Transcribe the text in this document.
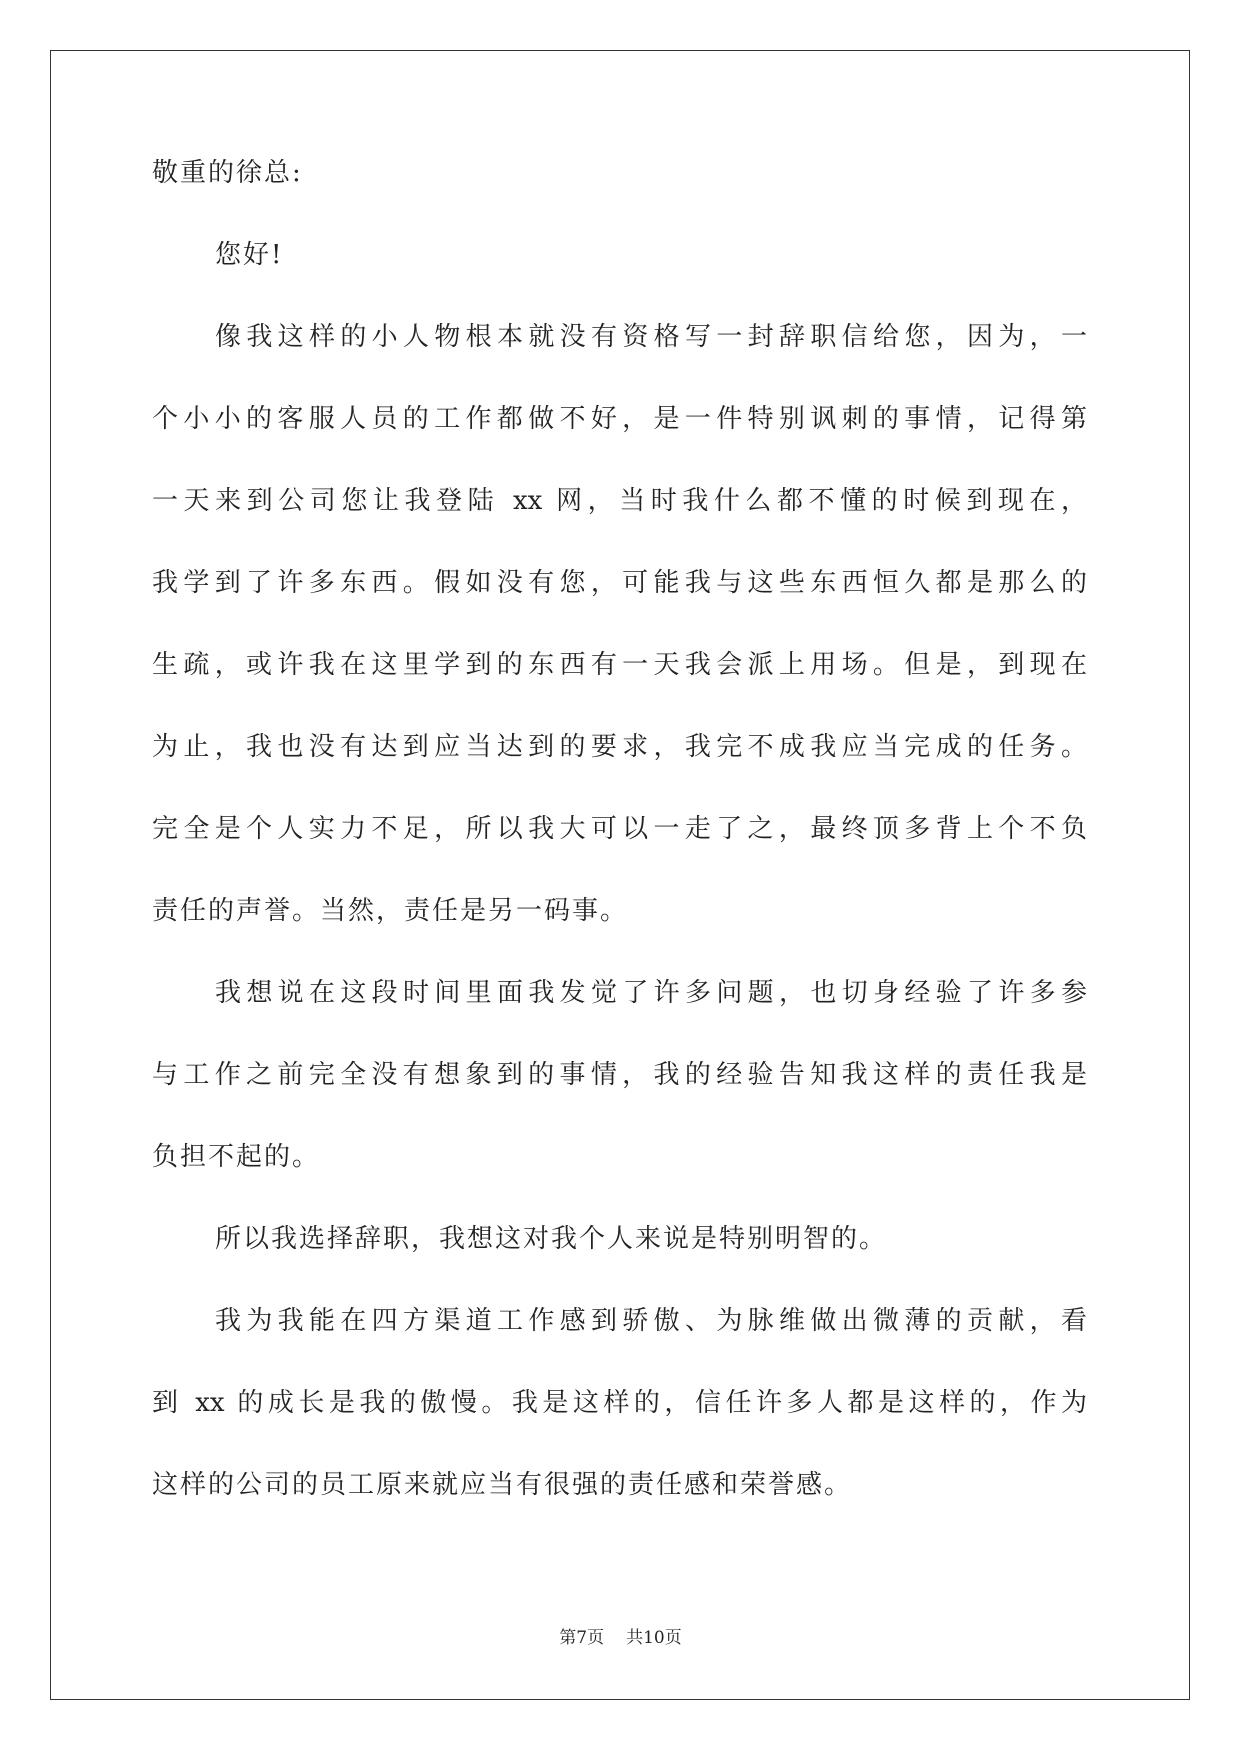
敬重的徐总:
您好!
像我这样的小人物根本就没有资格写一封辞职信给您，因为，一
个小小的客服人员的工作都做不好，是一件特别讽刺的事情，记得第
一天来到公司您让我登陆 xx 网，当时我什么都不懂的时候到现在，
我学到了许多东西。假如没有您，可能我与这些东西恒久都是那么的
生疏，或许我在这里学到的东西有一天我会派上用场。但是，到现在
为止，我也没有达到应当达到的要求，我完不成我应当完成的任务。
完全是个人实力不足，所以我大可以一走了之，最终顶多背上个不负
责任的声誉。当然，责任是另一码事。
我想说在这段时间里面我发觉了许多问题，也切身经验了许多参
与工作之前完全没有想象到的事情，我的经验告知我这样的责任我是
负担不起的。
所以我选择辞职，我想这对我个人来说是特别明智的。
我为我能在四方渠道工作感到骄傲、为脉维做出微薄的贡献，看
到 xx 的成长是我的傲慢。我是这样的，信任许多人都是这样的，作为
这样的公司的员工原来就应当有很强的责任感和荣誉感。
第7页 共10页
